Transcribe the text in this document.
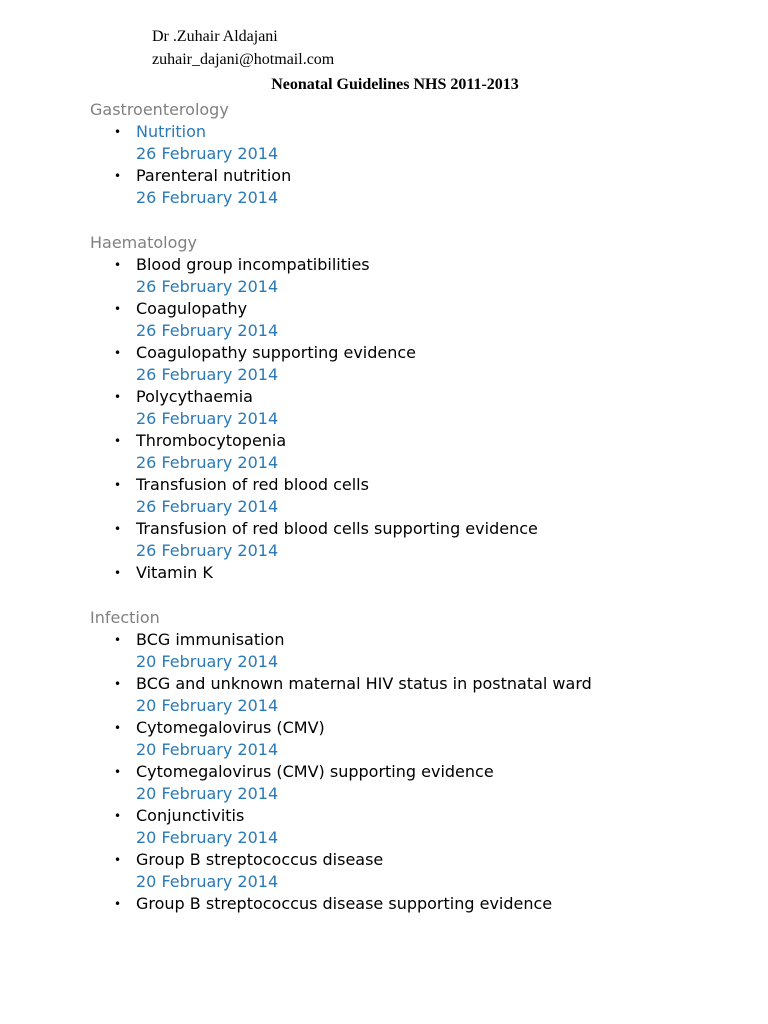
Dr .Zuhair Aldajani
zuhair_dajani@hotmail.com
Neonatal Guidelines NHS 2011-2013
Gastroenterology
• Nutrition
26 February 2014
• Parenteral nutrition
26 February 2014
Haematology
• Blood group incompatibilities
26 February 2014
• Coagulopathy
26 February 2014
• Coagulopathy supporting evidence
26 February 2014
• Polycythaemia
26 February 2014
• Thrombocytopenia
26 February 2014
• Transfusion of red blood cells
26 February 2014
• Transfusion of red blood cells supporting evidence
26 February 2014
• Vitamin K
Infection
• BCG immunisation
20 February 2014
• BCG and unknown maternal HIV status in postnatal ward
20 February 2014
• Cytomegalovirus (CMV)
20 February 2014
• Cytomegalovirus (CMV) supporting evidence
20 February 2014
• Conjunctivitis
20 February 2014
• Group B streptococcus disease
20 February 2014
• Group B streptococcus disease supporting evidence
